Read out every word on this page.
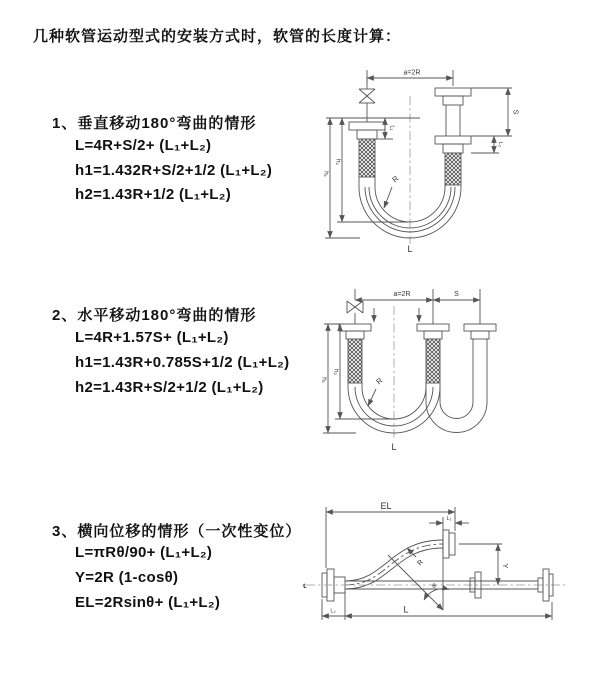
几种软管运动型式的安装方式时，软管的长度计算：
1、垂直移动180°弯曲的情形
L=4R+S/2+ (L₁+L₂)
h1=1.432R+S/2+1/2 (L₁+L₂)
h2=1.43R+1/2 (L₁+L₂)
2、水平移动180°弯曲的情形
L=4R+1.57S+ (L₁+L₂)
h1=1.43R+0.785S+1/2 (L₁+L₂)
h2=1.43R+S/2+1/2 (L₁+L₂)
3、横向位移的情形（一次性变位）
L=πRθ/90+ (L₁+L₂)
Y=2R (1-cosθ)
EL=2Rsinθ+ (L₁+L₂)
a=2R
R
L₁
S
L₂
h₂
h₁
L
a=2R	S
R
h₂
h₁
L
EL
L₁
℄
Y
R
θ
L₂	L
